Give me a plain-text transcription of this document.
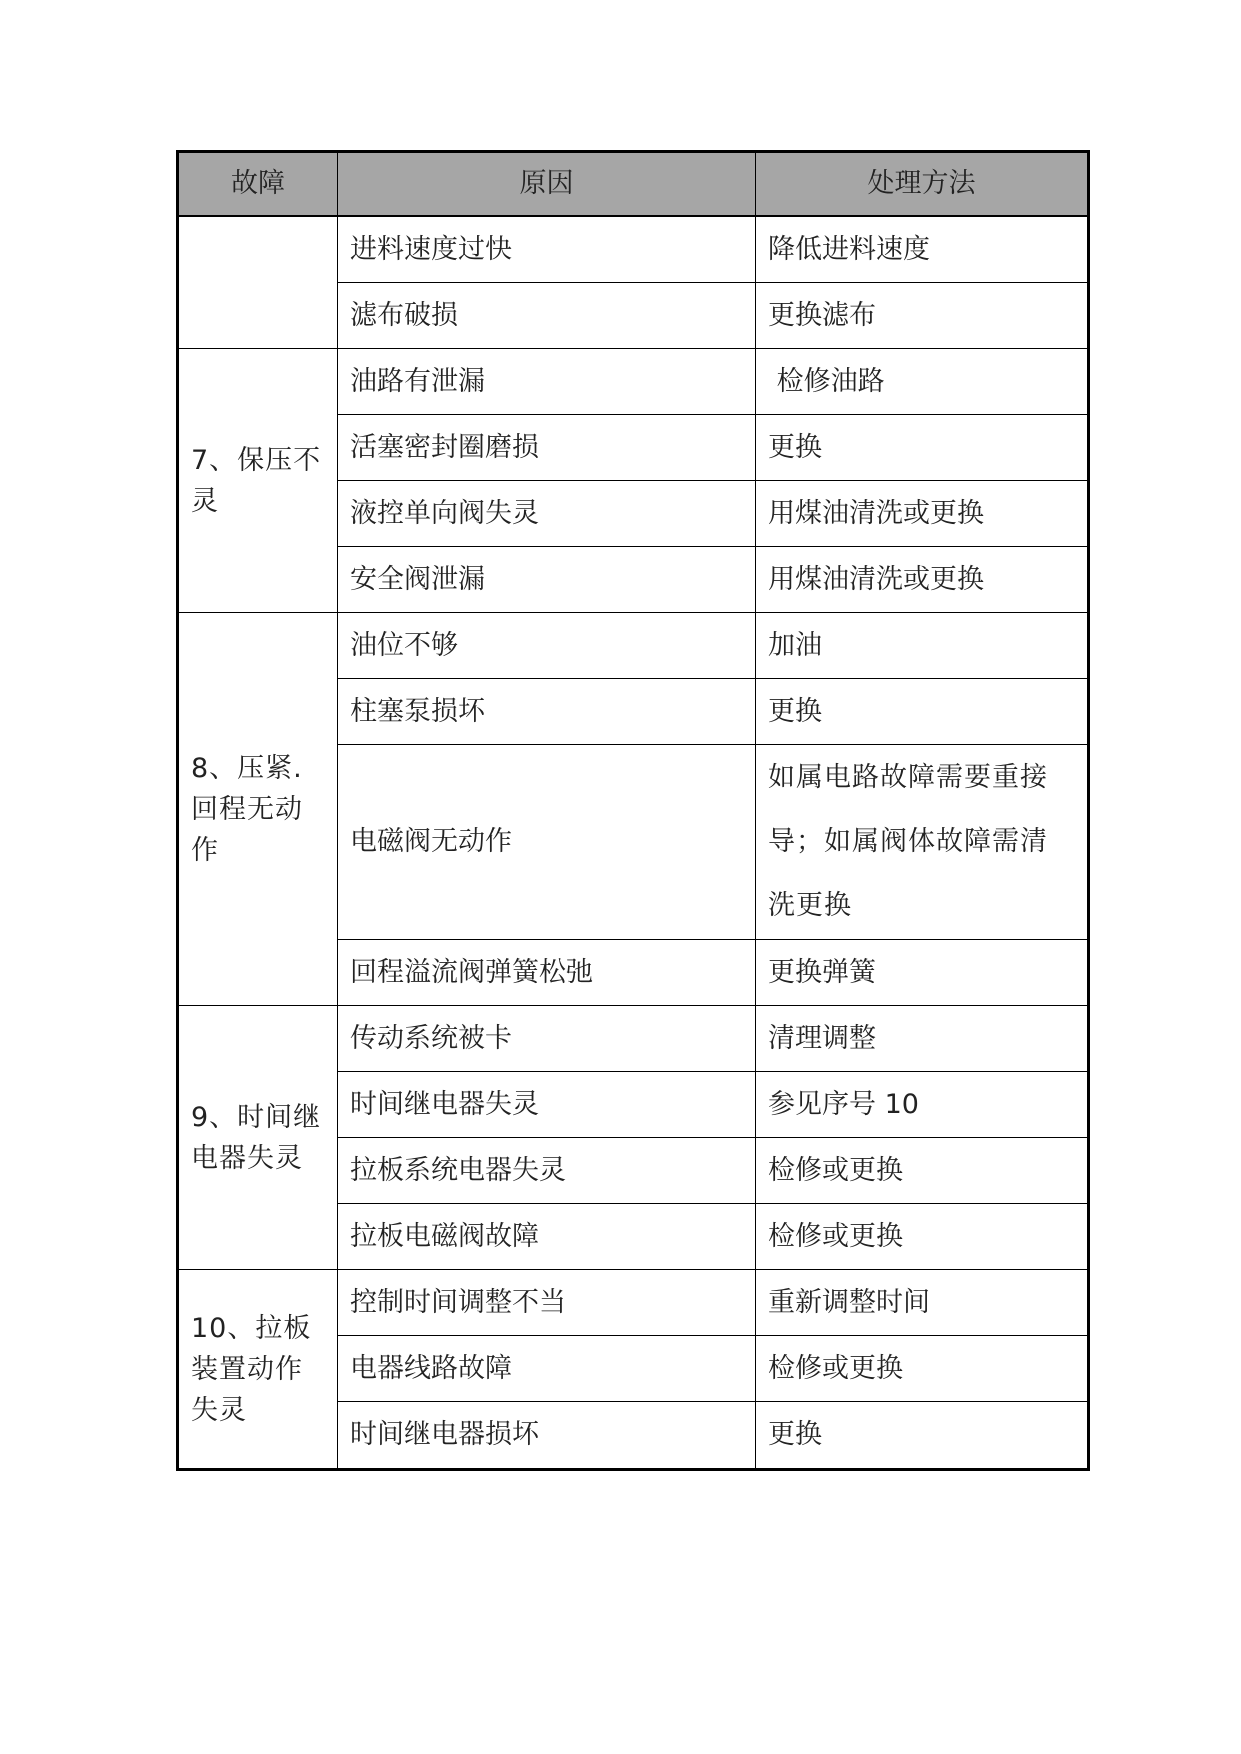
故障	原因	处理方法
	进料速度过快	降低进料速度
	滤布破损	更换滤布
7、保压不灵	油路有泄漏	检修油路
	活塞密封圈磨损	更换
	液控单向阀失灵	用煤油清洗或更换
	安全阀泄漏	用煤油清洗或更换
8、压紧.回程无动作	油位不够	加油
	柱塞泵损坏	更换
	电磁阀无动作	如属电路故障需要重接导；如属阀体故障需清洗更换
	回程溢流阀弹簧松弛	更换弹簧
9、时间继电器失灵	传动系统被卡	清理调整
	时间继电器失灵	参见序号 10
	拉板系统电器失灵	检修或更换
	拉板电磁阀故障	检修或更换
10、拉板装置动作失灵	控制时间调整不当	重新调整时间
	电器线路故障	检修或更换
	时间继电器损坏	更换
